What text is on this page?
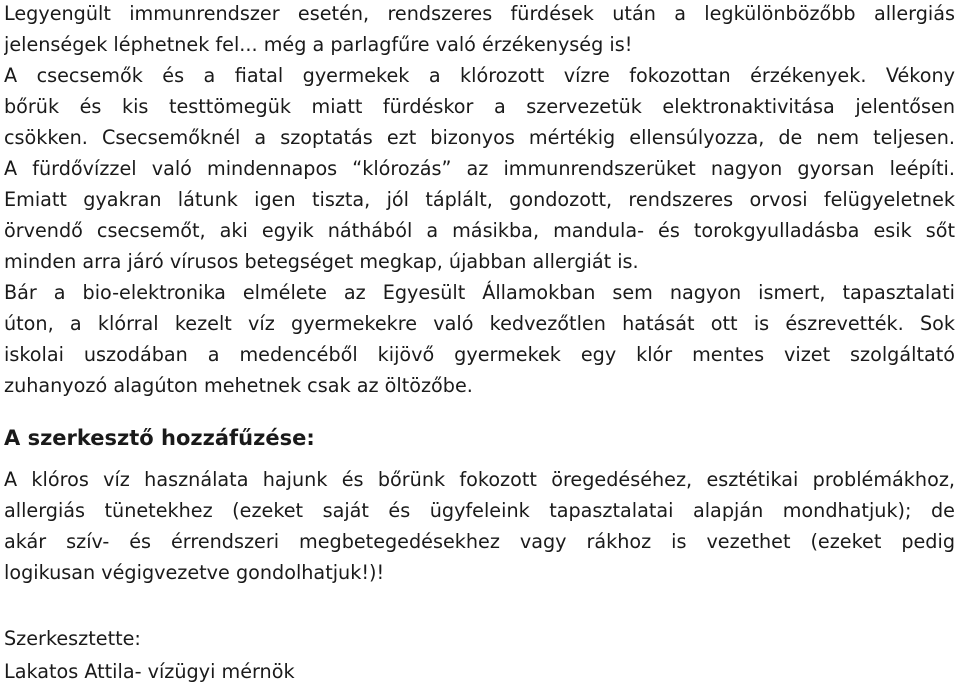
Legyengült immunrendszer esetén, rendszeres fürdések után a legkülönbözőbb allergiás
jelenségek léphetnek fel... még a parlagfűre való érzékenység is!
A csecsemők és a fiatal gyermekek a klórozott vízre fokozottan érzékenyek. Vékony
bőrük és kis testtömegük miatt fürdéskor a szervezetük elektronaktivitása jelentősen
csökken. Csecsemőknél a szoptatás ezt bizonyos mértékig ellensúlyozza, de nem teljesen.
A fürdővízzel való mindennapos “klórozás” az immunrendszerüket nagyon gyorsan leépíti.
Emiatt gyakran látunk igen tiszta, jól táplált, gondozott, rendszeres orvosi felügyeletnek
örvendő csecsemőt, aki egyik náthából a másikba, mandula- és torokgyulladásba esik sőt
minden arra járó vírusos betegséget megkap, újabban allergiát is.
Bár a bio-elektronika elmélete az Egyesült Államokban sem nagyon ismert, tapasztalati
úton, a klórral kezelt víz gyermekekre való kedvezőtlen hatását ott is észrevették. Sok
iskolai uszodában a medencéből kijövő gyermekek egy klór mentes vizet szolgáltató
zuhanyozó alagúton mehetnek csak az öltözőbe.
A szerkesztő hozzáfűzése:
A klóros víz használata hajunk és bőrünk fokozott öregedéséhez, esztétikai problémákhoz,
allergiás tünetekhez (ezeket saját és ügyfeleink tapasztalatai alapján mondhatjuk); de
akár szív- és érrendszeri megbetegedésekhez vagy rákhoz is vezethet (ezeket pedig
logikusan végigvezetve gondolhatjuk!)!
Szerkesztette:
Lakatos Attila- vízügyi mérnök
